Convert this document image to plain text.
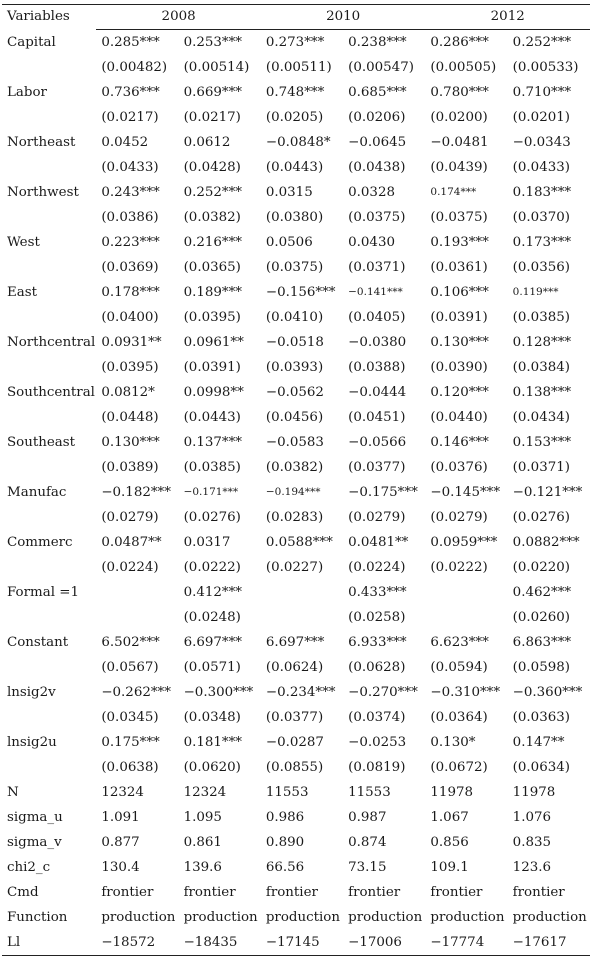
Variables	2008		2010		2012	
Capital	0.285***	0.253***	0.273***	0.238***	0.286***	0.252***
	(0.00482)	(0.00514)	(0.00511)	(0.00547)	(0.00505)	(0.00533)
Labor	0.736***	0.669***	0.748***	0.685***	0.780***	0.710***
	(0.0217)	(0.0217)	(0.0205)	(0.0206)	(0.0200)	(0.0201)
Northeast	0.0452	0.0612	−0.0848*	−0.0645	−0.0481	−0.0343
	(0.0433)	(0.0428)	(0.0443)	(0.0438)	(0.0439)	(0.0433)
Northwest	0.243***	0.252***	0.0315	0.0328	0.174***	0.183***
	(0.0386)	(0.0382)	(0.0380)	(0.0375)	(0.0375)	(0.0370)
West	0.223***	0.216***	0.0506	0.0430	0.193***	0.173***
	(0.0369)	(0.0365)	(0.0375)	(0.0371)	(0.0361)	(0.0356)
East	0.178***	0.189***	−0.156***	−0.141***	0.106***	0.119***
	(0.0400)	(0.0395)	(0.0410)	(0.0405)	(0.0391)	(0.0385)
Northcentral	0.0931**	0.0961**	−0.0518	−0.0380	0.130***	0.128***
	(0.0395)	(0.0391)	(0.0393)	(0.0388)	(0.0390)	(0.0384)
Southcentral	0.0812*	0.0998**	−0.0562	−0.0444	0.120***	0.138***
	(0.0448)	(0.0443)	(0.0456)	(0.0451)	(0.0440)	(0.0434)
Southeast	0.130***	0.137***	−0.0583	−0.0566	0.146***	0.153***
	(0.0389)	(0.0385)	(0.0382)	(0.0377)	(0.0376)	(0.0371)
Manufac	−0.182***	−0.171***	−0.194***	−0.175***	−0.145***	−0.121***
	(0.0279)	(0.0276)	(0.0283)	(0.0279)	(0.0279)	(0.0276)
Commerc	0.0487**	0.0317	0.0588***	0.0481**	0.0959***	0.0882***
	(0.0224)	(0.0222)	(0.0227)	(0.0224)	(0.0222)	(0.0220)
Formal =1		0.412***		0.433***		0.462***
		(0.0248)		(0.0258)		(0.0260)
Constant	6.502***	6.697***	6.697***	6.933***	6.623***	6.863***
	(0.0567)	(0.0571)	(0.0624)	(0.0628)	(0.0594)	(0.0598)
lnsig2v	−0.262***	−0.300***	−0.234***	−0.270***	−0.310***	−0.360***
	(0.0345)	(0.0348)	(0.0377)	(0.0374)	(0.0364)	(0.0363)
lnsig2u	0.175***	0.181***	−0.0287	−0.0253	0.130*	0.147**
	(0.0638)	(0.0620)	(0.0855)	(0.0819)	(0.0672)	(0.0634)
N	12324	12324	11553	11553	11978	11978
sigma_u	1.091	1.095	0.986	0.987	1.067	1.076
sigma_v	0.877	0.861	0.890	0.874	0.856	0.835
chi2_c	130.4	139.6	66.56	73.15	109.1	123.6
Cmd	frontier	frontier	frontier	frontier	frontier	frontier
Function	production	production	production	production	production	production
Ll	−18572	−18435	−17145	−17006	−17774	−17617
